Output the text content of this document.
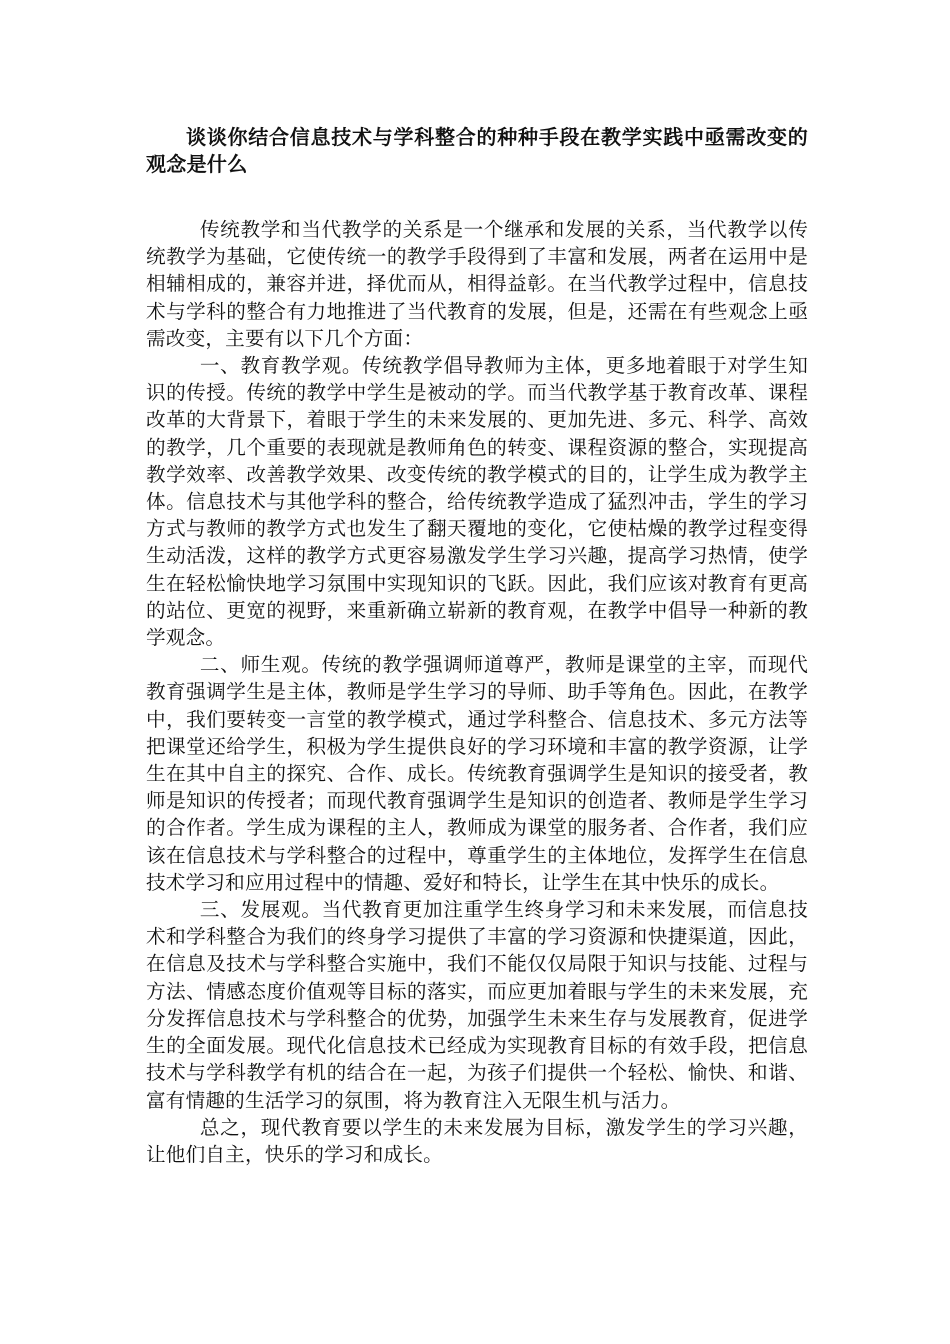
谈谈你结合信息技术与学科整合的种种手段在教学实践中亟需改变的观念是什么

传统教学和当代教学的关系是一个继承和发展的关系，当代教学以传统教学为基础，它使传统一的教学手段得到了丰富和发展，两者在运用中是相辅相成的，兼容并进，择优而从，相得益彰。在当代教学过程中，信息技术与学科的整合有力地推进了当代教育的发展，但是，还需在有些观念上亟需改变，主要有以下几个方面：

一、教育教学观。传统教学倡导教师为主体，更多地着眼于对学生知识的传授。传统的教学中学生是被动的学。而当代教学基于教育改革、课程改革的大背景下，着眼于学生的未来发展的、更加先进、多元、科学、高效的教学，几个重要的表现就是教师角色的转变、课程资源的整合，实现提高教学效率、改善教学效果、改变传统的教学模式的目的，让学生成为教学主体。信息技术与其他学科的整合，给传统教学造成了猛烈冲击，学生的学习方式与教师的教学方式也发生了翻天覆地的变化，它使枯燥的教学过程变得生动活泼，这样的教学方式更容易激发学生学习兴趣，提高学习热情，使学生在轻松愉快地学习氛围中实现知识的飞跃。因此，我们应该对教育有更高的站位、更宽的视野，来重新确立崭新的教育观，在教学中倡导一种新的教学观念。

二、师生观。传统的教学强调师道尊严，教师是课堂的主宰，而现代教育强调学生是主体，教师是学生学习的导师、助手等角色。因此，在教学中，我们要转变一言堂的教学模式，通过学科整合、信息技术、多元方法等把课堂还给学生，积极为学生提供良好的学习环境和丰富的教学资源，让学生在其中自主的探究、合作、成长。传统教育强调学生是知识的接受者，教师是知识的传授者；而现代教育强调学生是知识的创造者、教师是学生学习的合作者。学生成为课程的主人，教师成为课堂的服务者、合作者，我们应该在信息技术与学科整合的过程中，尊重学生的主体地位，发挥学生在信息技术学习和应用过程中的情趣、爱好和特长，让学生在其中快乐的成长。

三、发展观。当代教育更加注重学生终身学习和未来发展，而信息技术和学科整合为我们的终身学习提供了丰富的学习资源和快捷渠道，因此，在信息及技术与学科整合实施中，我们不能仅仅局限于知识与技能、过程与方法、情感态度价值观等目标的落实，而应更加着眼与学生的未来发展，充分发挥信息技术与学科整合的优势，加强学生未来生存与发展教育，促进学生的全面发展。现代化信息技术已经成为实现教育目标的有效手段，把信息技术与学科教学有机的结合在一起，为孩子们提供一个轻松、愉快、和谐、富有情趣的生活学习的氛围，将为教育注入无限生机与活力。

总之，现代教育要以学生的未来发展为目标，激发学生的学习兴趣，让他们自主，快乐的学习和成长。
